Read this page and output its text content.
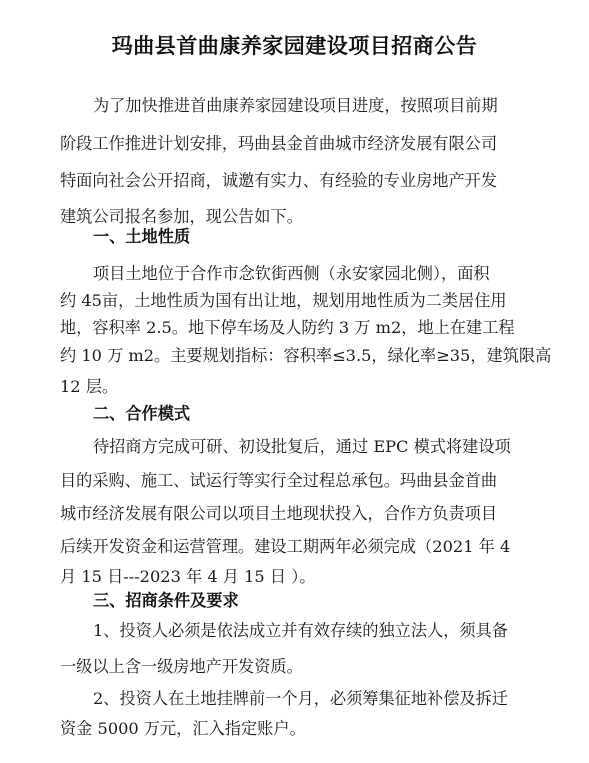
玛曲县首曲康养家园建设项目招商公告
为了加快推进首曲康养家园建设项目进度，按照项目前期
阶段工作推进计划安排，玛曲县金首曲城市经济发展有限公司
特面向社会公开招商，诚邀有实力、有经验的专业房地产开发
建筑公司报名参加，现公告如下。
一、土地性质
项目土地位于合作市念钦街西侧（永安家园北侧），面积
约 45亩，土地性质为国有出让地，规划用地性质为二类居住用
地，容积率 2.5。地下停车场及人防约 3 万 m2，地上在建工程
约 10 万 m2。主要规划指标：容积率≤3.5，绿化率≥35，建筑限高
12 层。
二、合作模式
待招商方完成可研、初设批复后，通过 EPC 模式将建设项
目的采购、施工、试运行等实行全过程总承包。玛曲县金首曲
城市经济发展有限公司以项目土地现状投入，合作方负责项目
后续开发资金和运营管理。建设工期两年必须完成（2021 年 4
月 15 日---2023 年 4 月 15 日 ）。
三、招商条件及要求
1、投资人必须是依法成立并有效存续的独立法人，须具备
一级以上含一级房地产开发资质。
2、投资人在土地挂牌前一个月，必须筹集征地补偿及拆迁
资金 5000 万元，汇入指定账户。
